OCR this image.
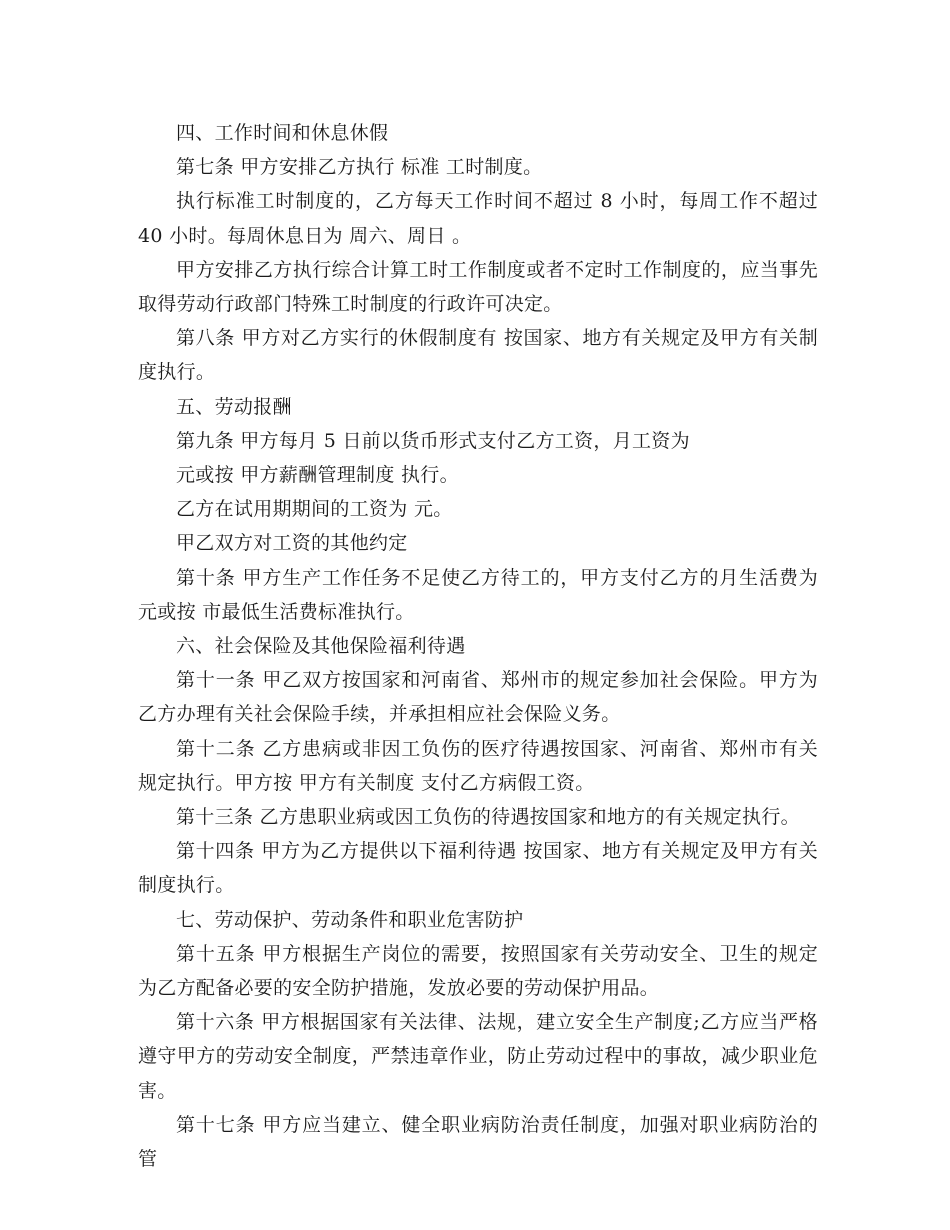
四、工作时间和休息休假

第七条 甲方安排乙方执行 标准 工时制度。

执行标准工时制度的，乙方每天工作时间不超过 8 小时，每周工作不超过 40 小时。每周休息日为 周六、周日 。

甲方安排乙方执行综合计算工时工作制度或者不定时工作制度的，应当事先取得劳动行政部门特殊工时制度的行政许可决定。

第八条 甲方对乙方实行的休假制度有 按国家、地方有关规定及甲方有关制度执行。

五、劳动报酬

第九条 甲方每月 5 日前以货币形式支付乙方工资，月工资为

元或按 甲方薪酬管理制度 执行。

乙方在试用期期间的工资为 元。

甲乙双方对工资的其他约定

第十条 甲方生产工作任务不足使乙方待工的，甲方支付乙方的月生活费为 元或按 市最低生活费标准执行。

六、社会保险及其他保险福利待遇

第十一条 甲乙双方按国家和河南省、郑州市的规定参加社会保险。甲方为乙方办理有关社会保险手续，并承担相应社会保险义务。

第十二条 乙方患病或非因工负伤的医疗待遇按国家、河南省、郑州市有关规定执行。甲方按 甲方有关制度 支付乙方病假工资。

第十三条 乙方患职业病或因工负伤的待遇按国家和地方的有关规定执行。

第十四条 甲方为乙方提供以下福利待遇 按国家、地方有关规定及甲方有关制度执行。

七、劳动保护、劳动条件和职业危害防护

第十五条 甲方根据生产岗位的需要，按照国家有关劳动安全、卫生的规定为乙方配备必要的安全防护措施，发放必要的劳动保护用品。

第十六条 甲方根据国家有关法律、法规，建立安全生产制度;乙方应当严格遵守甲方的劳动安全制度，严禁违章作业，防止劳动过程中的事故，减少职业危害。

第十七条 甲方应当建立、健全职业病防治责任制度，加强对职业病防治的管
